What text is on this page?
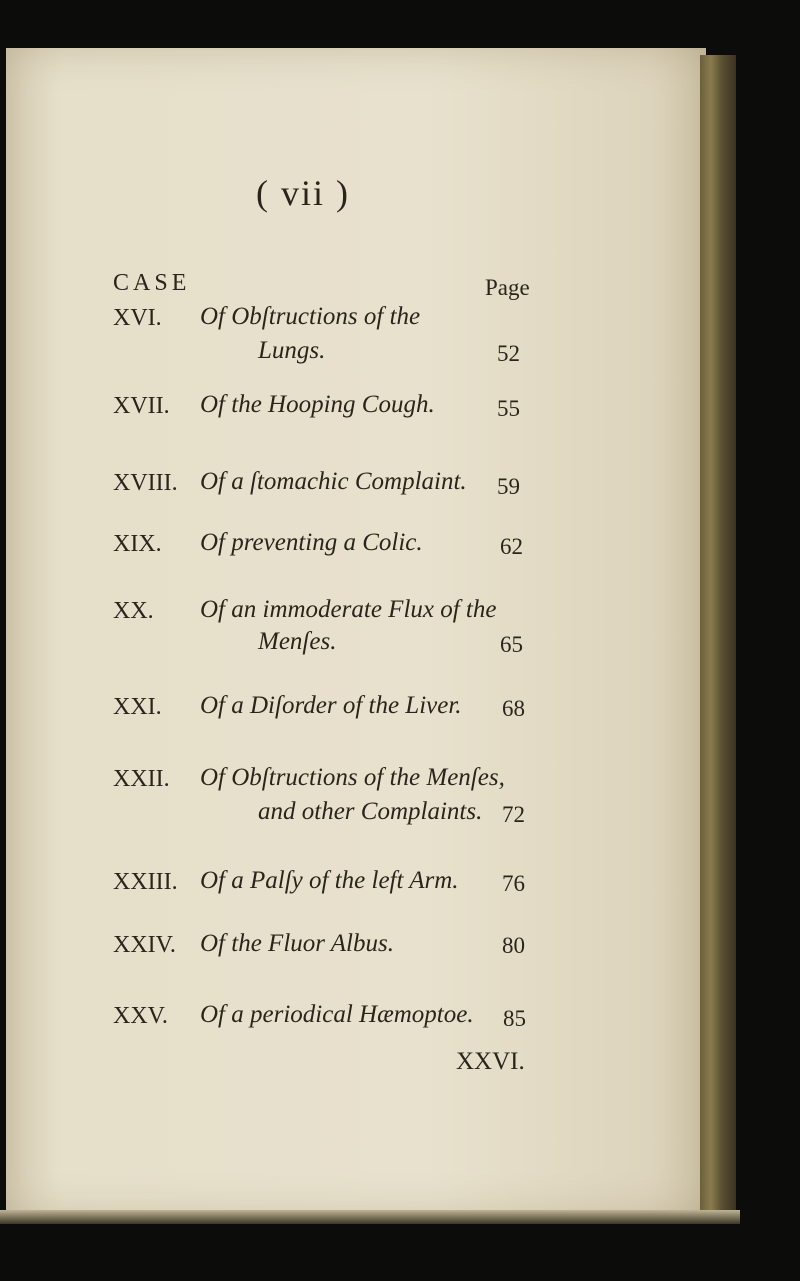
( vii )
CASE	Page
XVI. Of Obſtructions of the
Lungs.	52
XVII. Of the Hooping Cough.	55
XVIII. Of a ſtomachic Complaint. 59
XIX. Of preventing a Colic.	62
XX. Of an immoderate Flux of the
Menſes.	65
XXI. Of a Diſorder of the Liver. 68
XXII. Of Obſtructions of the Menſes,
and other Complaints. 72
XXIII. Of a Palſy of the left Arm. 76
XXIV. Of the Fluor Albus.	80
XXV. Of a periodical Hæmoptoe. 85
XXVI.
